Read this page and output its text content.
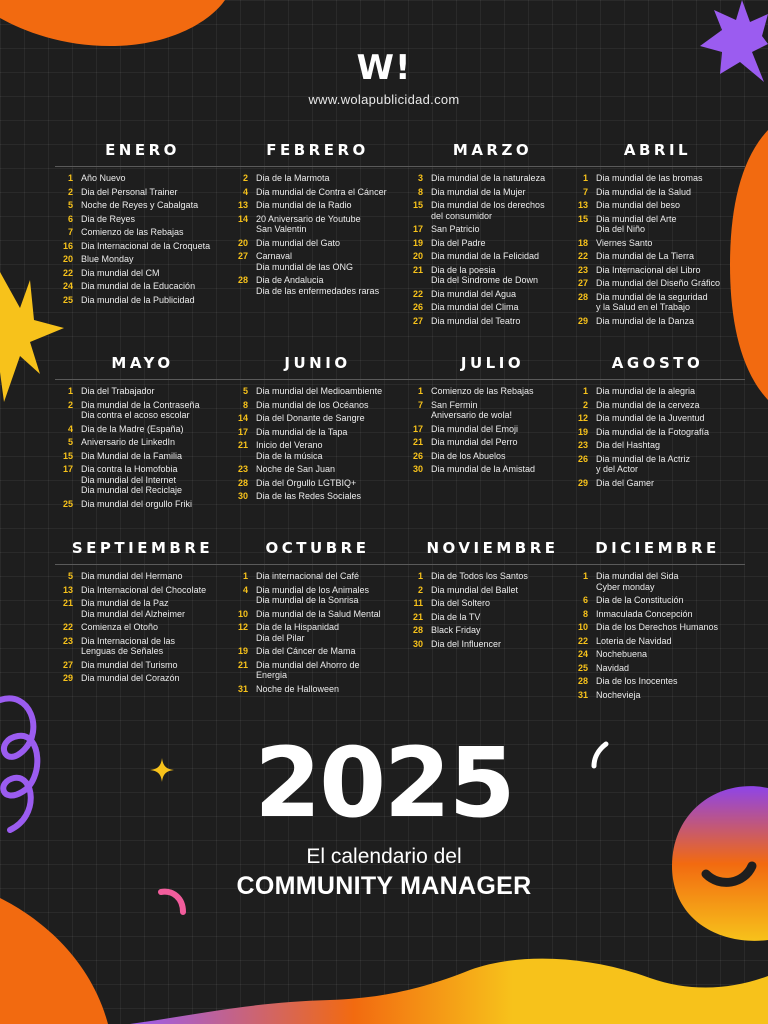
W!
www.wolapublicidad.com
ENERO
1 Año Nuevo
2 Dia del Personal Trainer
5 Noche de Reyes y Cabalgata
6 Dia de Reyes
7 Comienzo de las Rebajas
16 Dia Internacional de la Croqueta
20 Blue Monday
22 Dia mundial del CM
24 Dia mundial de la Educación
25 Dia mundial de la Publicidad
FEBRERO
2 Dia de la Marmota
4 Dia mundial de Contra el Cáncer
13 Dia mundial de la Radio
14 20 Aniversario de Youtube
San Valentin
20 Dia mundial del Gato
27 Carnaval
Dia mundial de las ONG
28 Dia de Andalucia
Dia de las enfermedades raras
MARZO
3 Dia mundial de la naturaleza
8 Dia mundial de la Mujer
15 Dia mundial de los derechos
del consumidor
17 San Patricio
19 Dia del Padre
20 Dia mundial de la Felicidad
21 Dia de la poesia
Dia del Sindrome de Down
22 Dia mundial del Agua
26 Dia mundial del Clima
27 Dia mundial del Teatro
ABRIL
1 Dia mundial de las bromas
7 Dia mundial de la Salud
13 Dia mundial del beso
15 Dia mundial del Arte
Dia del Niño
18 Viernes Santo
22 Dia mundial de La Tierra
23 Dia Internacional del Libro
27 Dia mundial del Diseño Gráfico
28 Dia mundial de la seguridad
y la Salud en el Trabajo
29 Dia mundial de la Danza
MAYO
1 Dia del Trabajador
2 Dia mundial de la Contraseña
Dia contra el acoso escolar
4 Dia de la Madre (España)
5 Aniversario de LinkedIn
15 Dia Mundial de la Familia
17 Dia contra la Homofobia
Dia mundial del Internet
Dia mundial del Reciclaje
25 Dia mundial del orgullo Friki
JUNIO
5 Dia mundial del Medioambiente
8 Dia mundial de los Océanos
14 Dia del Donante de Sangre
17 Dia mundial de la Tapa
21 Inicio del Verano
Dia de la música
23 Noche de San Juan
28 Dia del Orgullo LGTBIQ+
30 Dia de las Redes Sociales
JULIO
1 Comienzo de las Rebajas
7 San Fermin
Aniversario de wola!
17 Dia mundial del Emoji
21 Dia mundial del Perro
26 Dia de los Abuelos
30 Dia mundial de la Amistad
AGOSTO
1 Dia mundial de la alegria
2 Dia mundial de la cerveza
12 Dia mundial de la Juventud
19 Dia mundial de la Fotografía
23 Dia del Hashtag
26 Dia mundial de la Actriz
y del Actor
29 Dia del Gamer
SEPTIEMBRE
5 Dia mundial del Hermano
13 Dia Internacional del Chocolate
21 Dia mundial de la Paz
Dia mundial del Alzheimer
22 Comienza el Otoño
23 Dia Internacional de las
Lenguas de Señales
27 Dia mundial del Turismo
29 Dia mundial del Corazón
OCTUBRE
1 Dia internacional del Café
4 Dia mundial de los Animales
Dia mundial de la Sonrisa
10 Dia mundial de la Salud Mental
12 Dia de la Hispanidad
Dia del Pilar
19 Dia del Cáncer de Mama
21 Dia mundial del Ahorro de
Energia
31 Noche de Halloween
NOVIEMBRE
1 Dia de Todos los Santos
2 Dia mundial del Ballet
11 Dia del Soltero
21 Dia de la TV
28 Black Friday
30 Dia del Influencer
DICIEMBRE
1 Dia mundial del Sida
Cyber monday
6 Dia de la Constitución
8 Inmaculada Concepción
10 Dia de los Derechos Humanos
22 Loteria de Navidad
24 Nochebuena
25 Navidad
28 Dia de los Inocentes
31 Nochevieja
2025
El calendario del
COMMUNITY MANAGER
